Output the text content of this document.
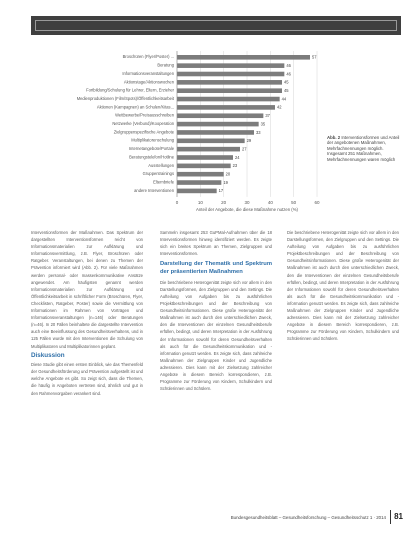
0	10	20	30	40	50	60
Broschüren (Flyer/Poster) ...	57
Beratung	46
Informationsveranstaltungen	46
Aktionstage/Aktionswochen	45
Fortbildung/Schulung für Lehrer, Eltern, Erzieher	45
Medienproduktionen (Film/Spots)/Öffentlichkeitsarbeit	44
Aktionen (Kampagnen) an Schulen/Kitas...	42
Wettbewerbe/Preisausschreiben	37
Netzwerke (Verbund)/Kooperation	35
Zielgruppenspezifische Angebote	33
Multiplikatorenschulung	29
Internetangebote/Portale	27
Beratungstelefon/Hotline	24
Ausstellungen	23
Gruppentrainings	20
Elternbriefe	19
andere Interventionen	17
Anteil der Angebote, die diese Maßnahme nutzen (%)
Abb. 2 Interventionsformen und Anteil der angebotenen Maßnahmen, Mehrfachnennungen möglich. Insgesamt 251 Maßnahmen, Mehrfachnennungen waren möglich

Interventionsformen der Maßnahmen. Das Spektrum der dargestellten Interventionsformen reicht von Informationsmaterialien zur Aufklärung und Informationsvermittlung, z.B. Flyer, Broschüren oder Ratgeber. Veranstaltungen, bei denen zu Themen der Prävention informiert wird (Abb. 2). Für viele Maßnahmen werden personal- oder massenkommunikative Ansätze angewendet. Am häufigsten genannt werden Informationsmaterialien zur Aufklärung und Öffentlichkeitsarbeit in schriftlicher Form (Broschüren, Flyer, Checklisten, Ratgeber, Poster) sowie die Vermittlung von Informationen im Rahmen von Vorträgen und Informationsveranstaltungen (n=146) oder Beratungen (n=46). In 20 Fällen beinhaltete die dargestellte Intervention auch eine Beeinflussung des Gesundheitsverhaltens, und in 125 Fällen wurde mit den Interventionen die Schulung von Multiplikatoren und Multiplikatorinnen geplant.

Diskussion

Diese Studie gibt einen ersten Einblick, wie das Themenfeld der Gesundheitsförderung und Prävention aufgestellt ist und welche Angebote es gibt. So zeigt sich, dass die Themen, die häufig in Angeboten vertreten sind, ähnlich und gut in den Rahmenvorgaben verankert sind.

Sammeln insgesamt 253 GuPMal-Aufnahmen über die 18 Interventionsformen hinweg identifiziert werden. Es zeigte sich ein breites Spektrum an Themen, Zielgruppen und Interventionsformen.

Darstellung der Thematik und Spektrum der präsentierten Maßnahmen

Die beschriebene Heterogenität zeigte sich vor allem in den Darstellungsformen, den Zielgruppen und den Settings. Die Aufteilung von Aufgaben bis zu ausführlichen Projektbeschreibungen und der Beschreibung von Gesundheitsinformationen. Diese große Heterogenität der Maßnahmen ist auch durch den unterschiedlichen Zweck, den die Interventionen der einzelnen Gesundheitsberufe erfüllen, bedingt, und deren Interpretation in der Ausführung der Informationen sowohl für deren Gesundheitsverhalten als auch für die Gesundheitskommunikation und -information genutzt werden. Es zeigte sich, dass zahlreiche Maßnahmen der Zielgruppen Kinder und Jugendliche adressieren. Dies kann mit der Zielsetzung zahlreicher Angebote in diesem Bereich korrespondieren, z.B. Programme zur Förderung von Kindern, Schulkindern und Schülerinnen und Schülern.

Die beschriebene Heterogenität zeigte sich vor allem in den Darstellungsformen, den Zielgruppen und den Settings. Die Aufteilung von Aufgaben bis zu ausführlichen Projektbeschreibungen und der Beschreibung von Gesundheitsinformationen. Diese große Heterogenität der Maßnahmen ist auch durch den unterschiedlichen Zweck, den die Interventionen der einzelnen Gesundheitsberufe erfüllen, bedingt, und deren Interpretation in der Ausführung der Informationen sowohl für deren Gesundheitsverhalten als auch für die Gesundheitskommunikation und -information genutzt werden. Es zeigte sich, dass zahlreiche Maßnahmen der Zielgruppen Kinder und Jugendliche adressieren. Dies kann mit der Zielsetzung zahlreicher Angebote in diesem Bereich korrespondieren, z.B. Programme zur Förderung von Kindern, Schulkindern und Schülerinnen und Schülern.

Bundesgesundheitsblatt – Gesundheitsforschung – Gesundheitsschutz 1 · 2014 81
